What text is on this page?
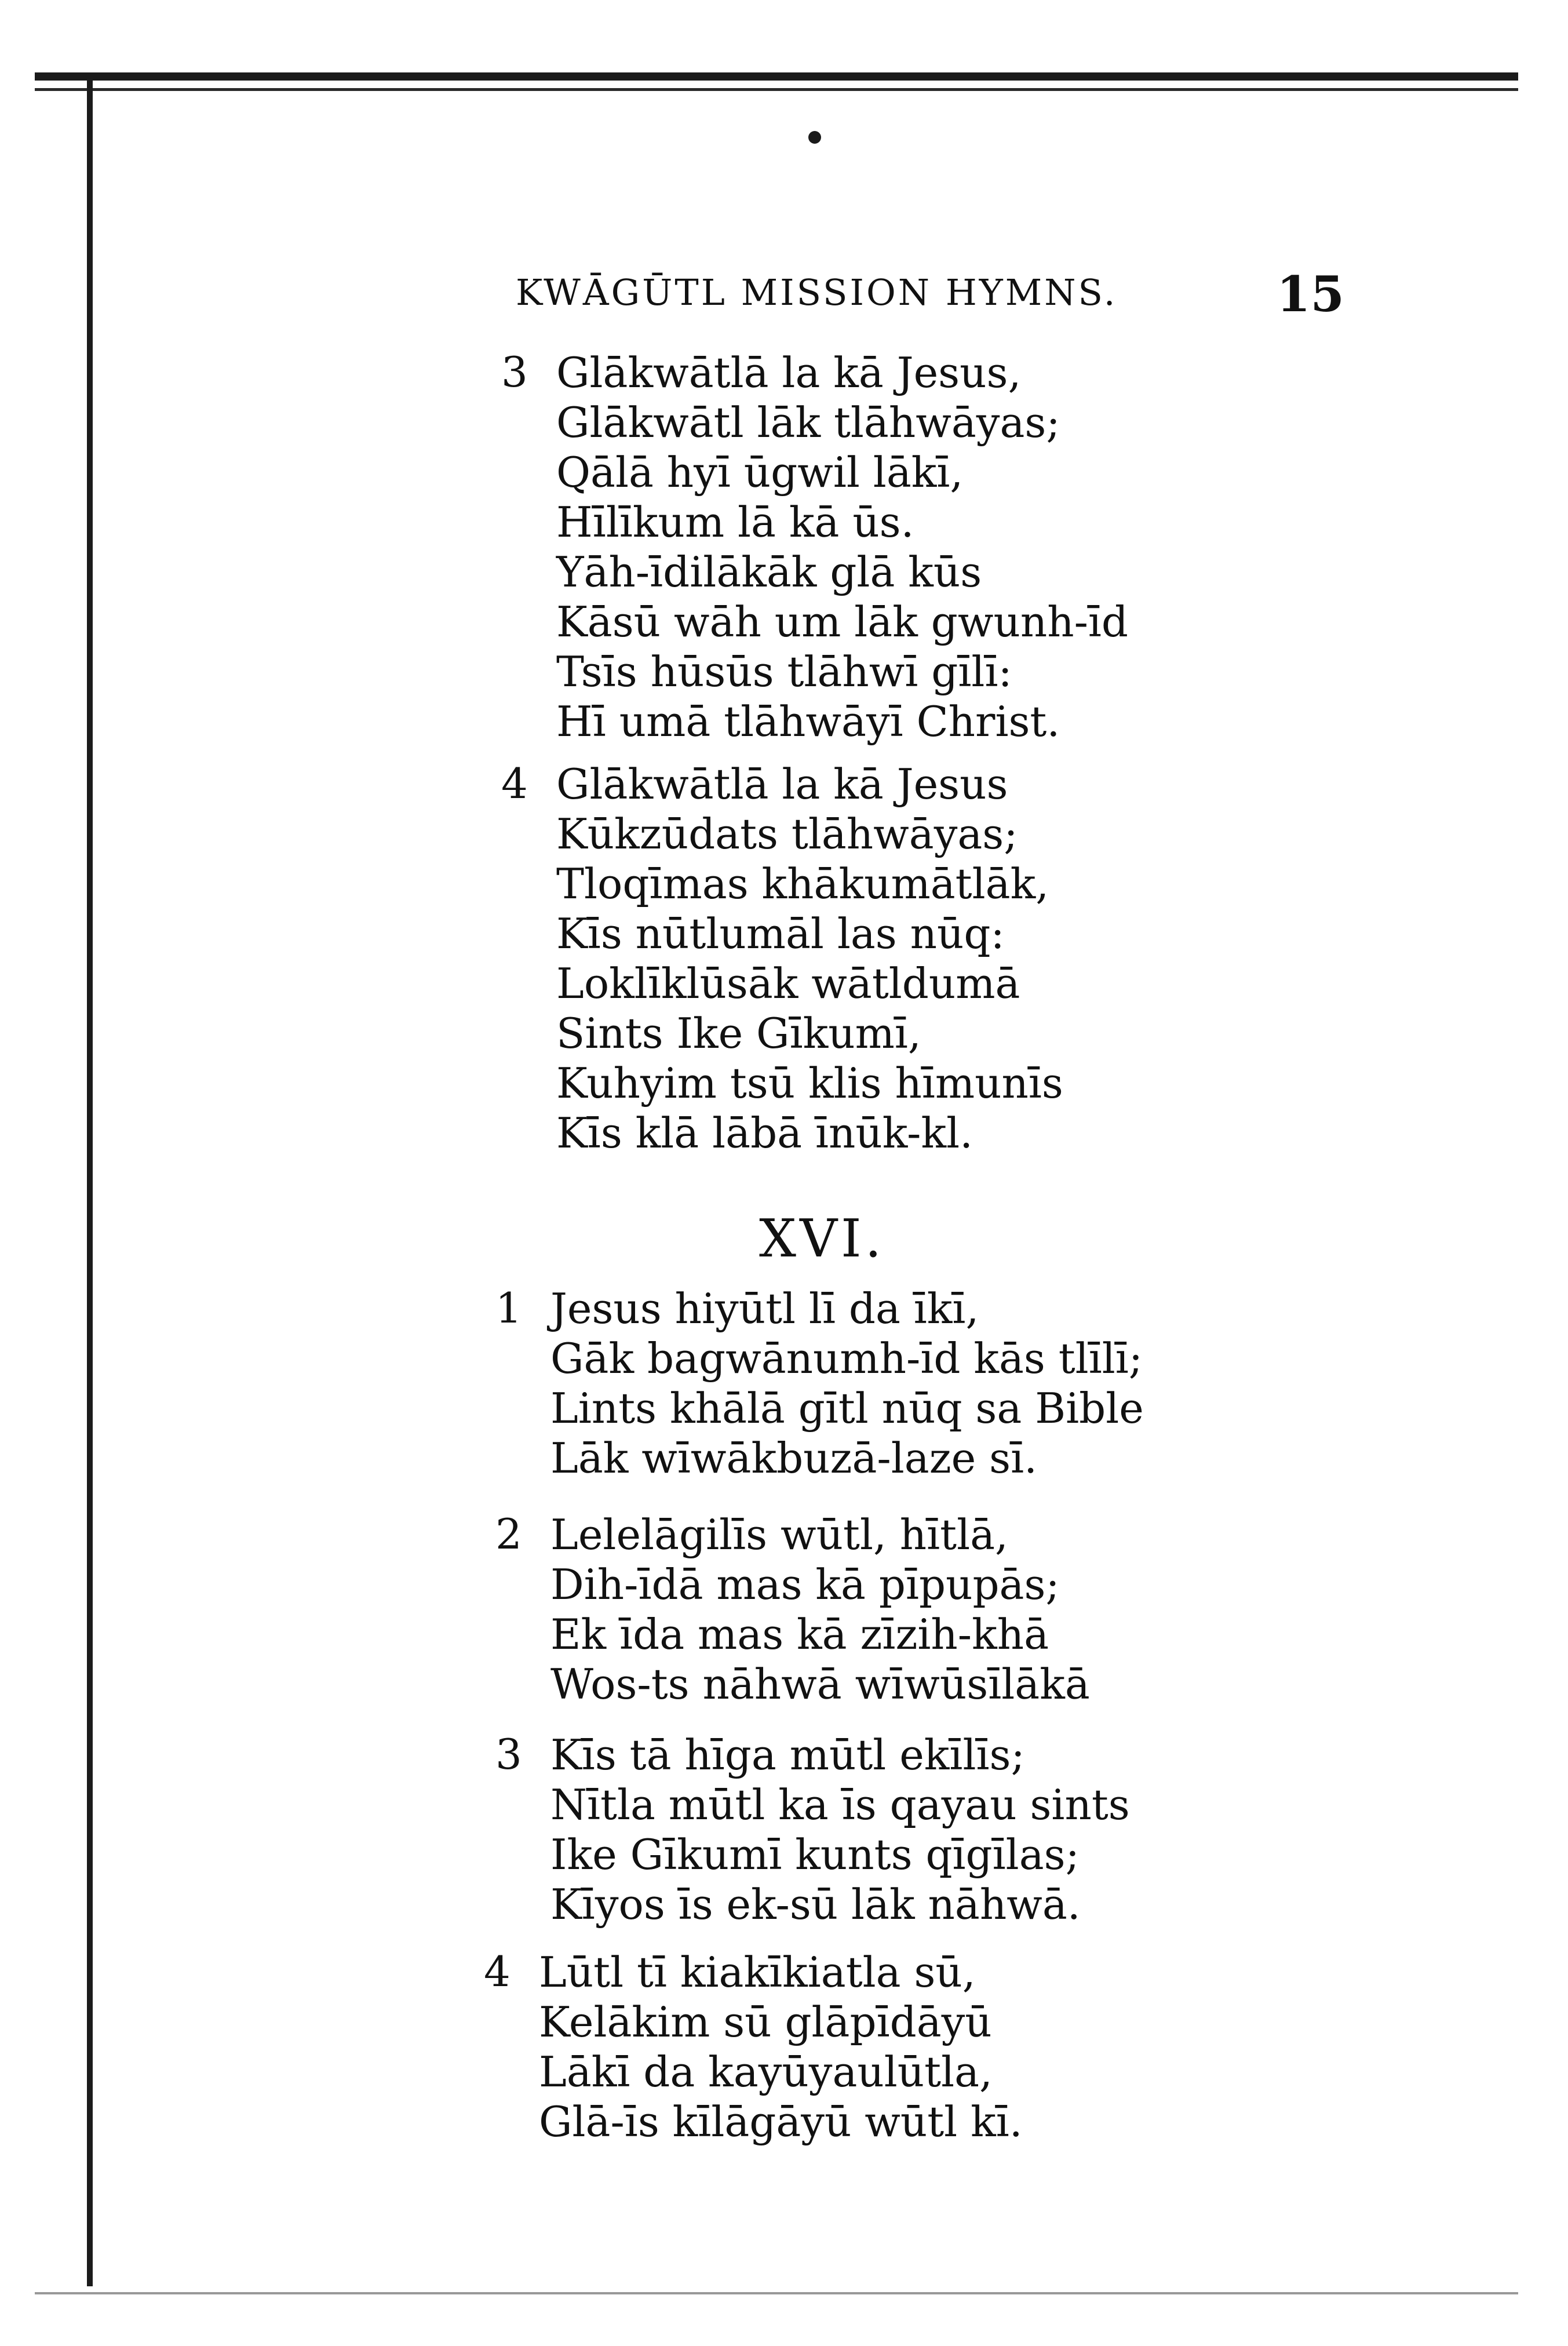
KWĀGŪTL MISSION HYMNS.	15
3 Glākwātlā la kā Jesus,
Glākwātl lāk tlāhwāyas;
Qālā hyī ūgwil lākī,
Hīlīkum lā kā ūs.
Yāh-īdilākāk glā kūs
Kāsū wāh um lāk gwunh-īd
Tsīs hūsūs tlāhwī gīlī:
Hī umā tlāhwāyī Christ.
4 Glākwātlā la kā Jesus
Kūkzūdats tlāhwāyas;
Tloqīmas khākumātlāk,
Kīs nūtlumāl las nūq:
Loklīklūsāk wātldumā
Sints Ike Gīkumī,
Kuhyim tsū klis hīmunīs
Kīs klā lābā īnūk-kl.
XVI.
1 Jesus hiyūtl lī da īkī,
Gāk bagwānumh-īd kās tlīlī;
Lints khālā gītl nūq sa Bible
Lāk wīwākbuzā-laze sī.
2 Lelelāgilīs wūtl, hītlā,
Dih-īdā mas kā pīpupās;
Ek īda mas kā zīzih-khā
Wos-ts nāhwā wīwūsīlākā
3 Kīs tā hīga mūtl ekīlīs;
Nītla mūtl ka īs qayau sints
Ike Gīkumī kunts qīgīlas;
Kīyos īs ek-sū lāk nāhwā.
4 Lūtl tī kiakīkiatla sū,
Kelākim sū glāpīdāyū
Lākī da kayūyaulūtla,
Glā-īs kīlāgāyū wūtl kī.
